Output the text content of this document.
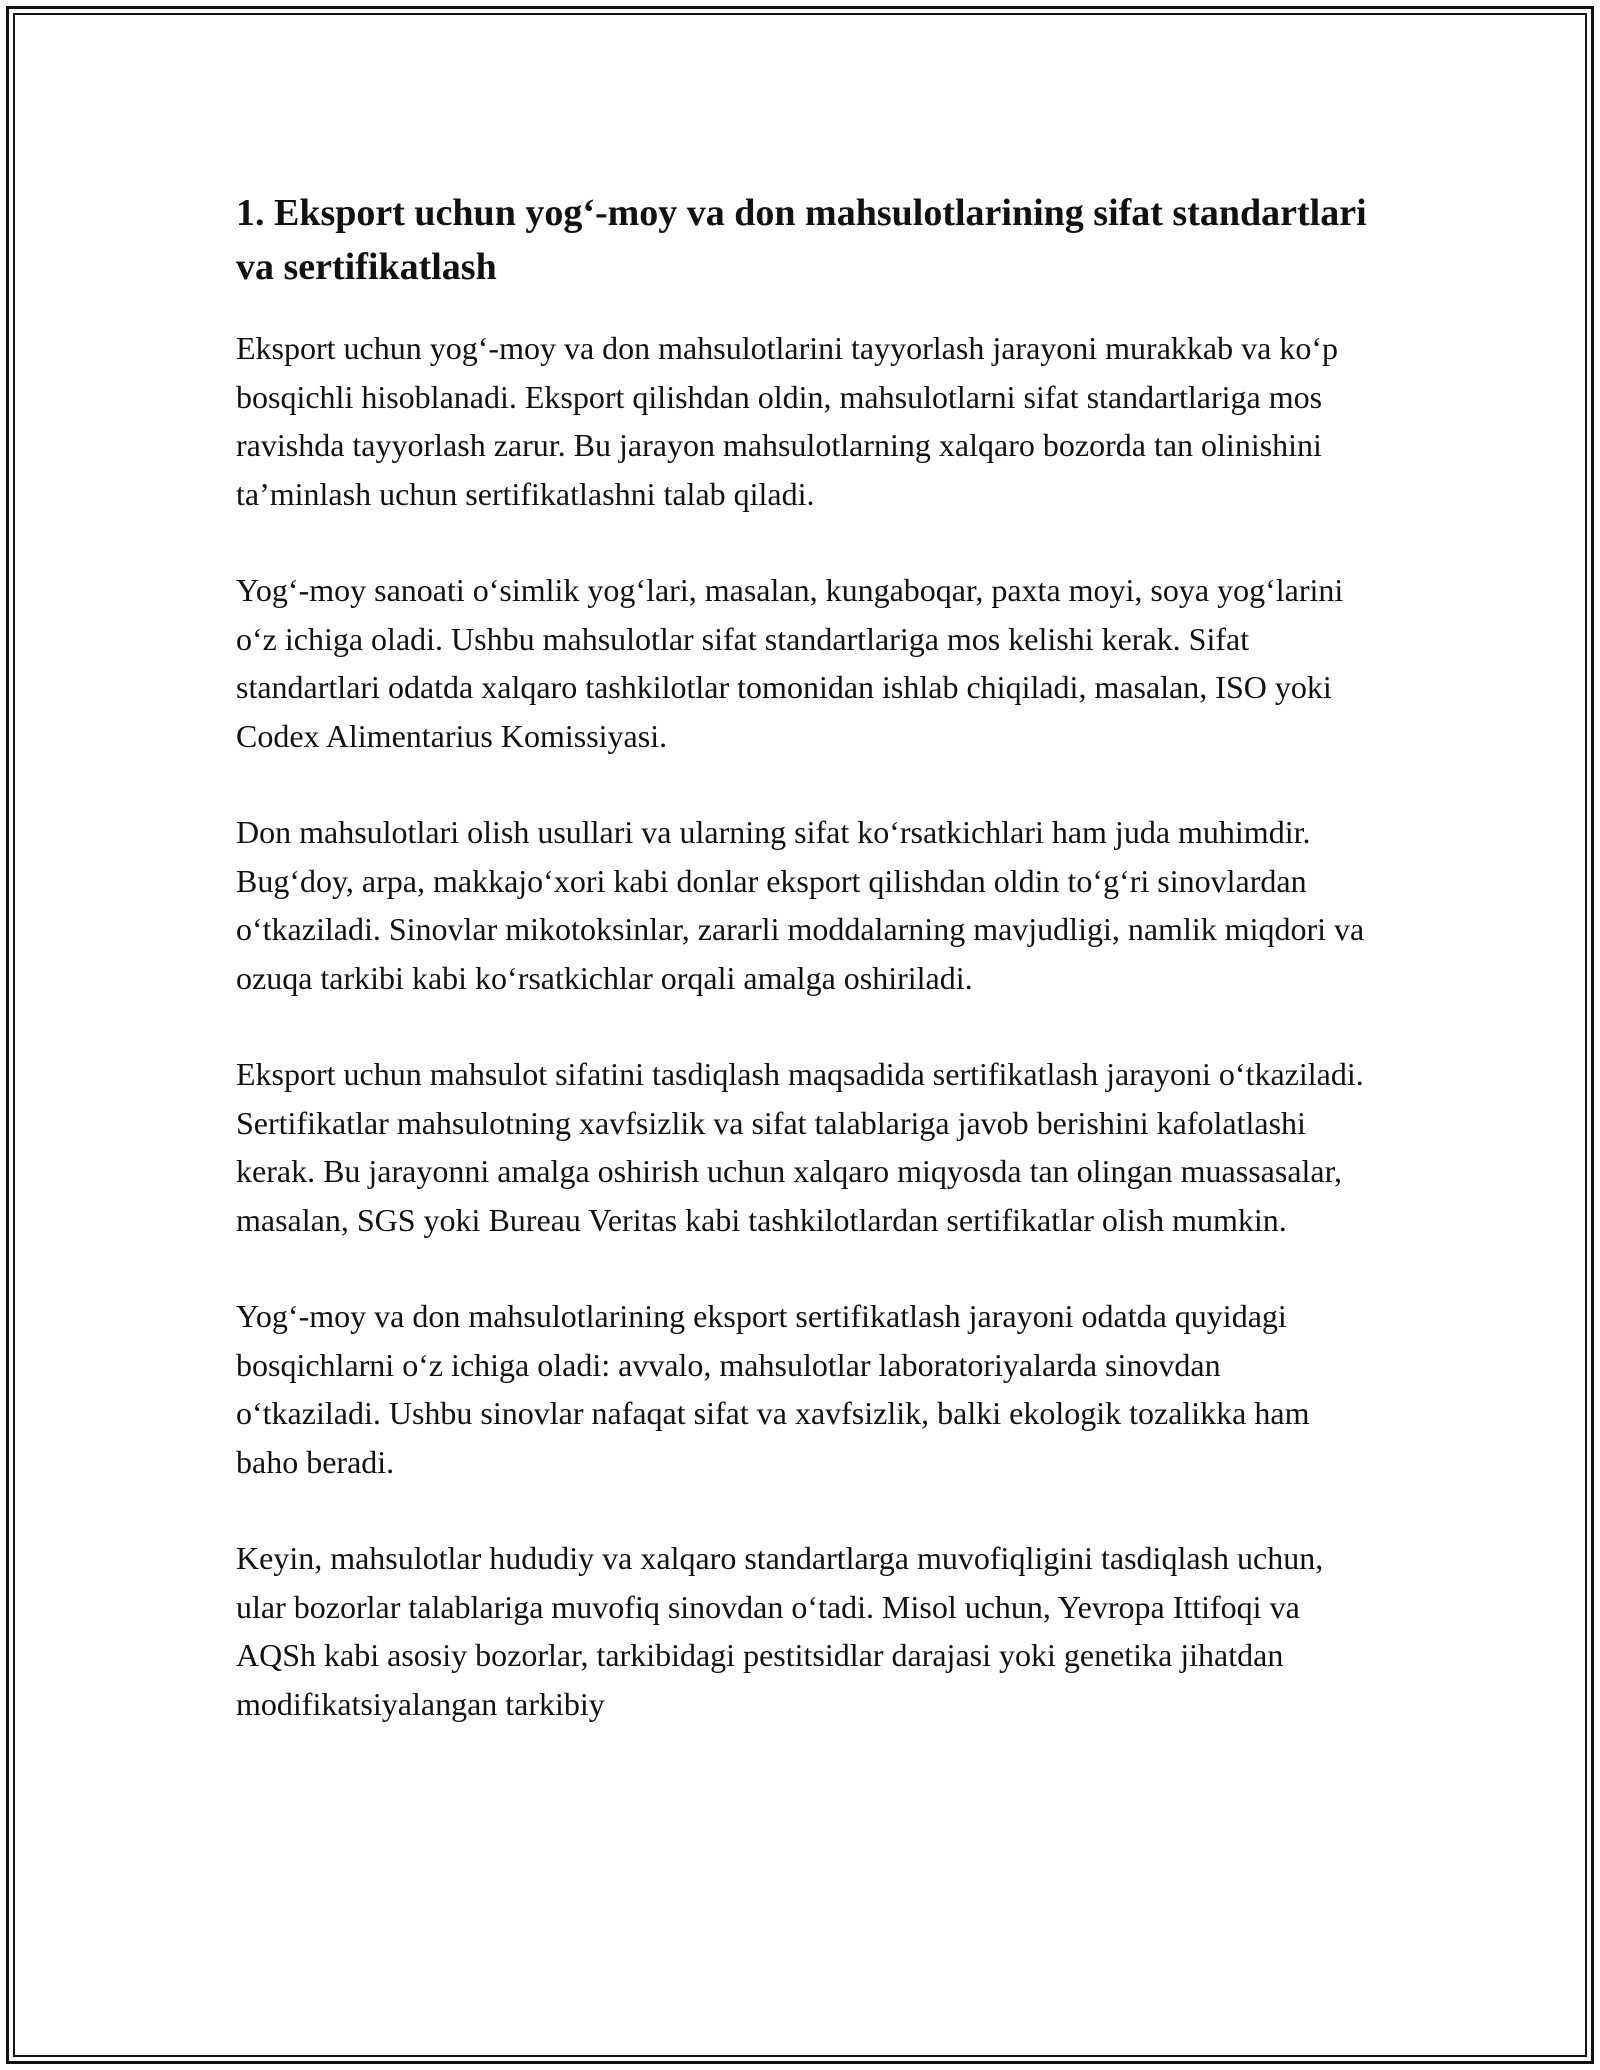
1. Eksport uchun yog‘-moy va don mahsulotlarining sifat standartlari va sertifikatlash

Eksport uchun yog‘-moy va don mahsulotlarini tayyorlash jarayoni murakkab va ko‘p bosqichli hisoblanadi. Eksport qilishdan oldin, mahsulotlarni sifat standartlariga mos ravishda tayyorlash zarur. Bu jarayon mahsulotlarning xalqaro bozorda tan olinishini ta’minlash uchun sertifikatlashni talab qiladi.

Yog‘-moy sanoati o‘simlik yog‘lari, masalan, kungaboqar, paxta moyi, soya yog‘larini o‘z ichiga oladi. Ushbu mahsulotlar sifat standartlariga mos kelishi kerak. Sifat standartlari odatda xalqaro tashkilotlar tomonidan ishlab chiqiladi, masalan, ISO yoki Codex Alimentarius Komissiyasi.

Don mahsulotlari olish usullari va ularning sifat ko‘rsatkichlari ham juda muhimdir. Bug‘doy, arpa, makkajo‘xori kabi donlar eksport qilishdan oldin to‘g‘ri sinovlardan o‘tkaziladi. Sinovlar mikotoksinlar, zararli moddalarning mavjudligi, namlik miqdori va ozuqa tarkibi kabi ko‘rsatkichlar orqali amalga oshiriladi.

Eksport uchun mahsulot sifatini tasdiqlash maqsadida sertifikatlash jarayoni o‘tkaziladi. Sertifikatlar mahsulotning xavfsizlik va sifat talablariga javob berishini kafolatlashi kerak. Bu jarayonni amalga oshirish uchun xalqaro miqyosda tan olingan muassasalar, masalan, SGS yoki Bureau Veritas kabi tashkilotlardan sertifikatlar olish mumkin.

Yog‘-moy va don mahsulotlarining eksport sertifikatlash jarayoni odatda quyidagi bosqichlarni o‘z ichiga oladi: avvalo, mahsulotlar laboratoriyalarda sinovdan o‘tkaziladi. Ushbu sinovlar nafaqat sifat va xavfsizlik, balki ekologik tozalikka ham baho beradi.

Keyin, mahsulotlar hududiy va xalqaro standartlarga muvofiqligini tasdiqlash uchun, ular bozorlar talablariga muvofiq sinovdan o‘tadi. Misol uchun, Yevropa Ittifoqi va AQSh kabi asosiy bozorlar, tarkibidagi pestitsidlar darajasi yoki genetika jihatdan modifikatsiyalangan tarkibiy
